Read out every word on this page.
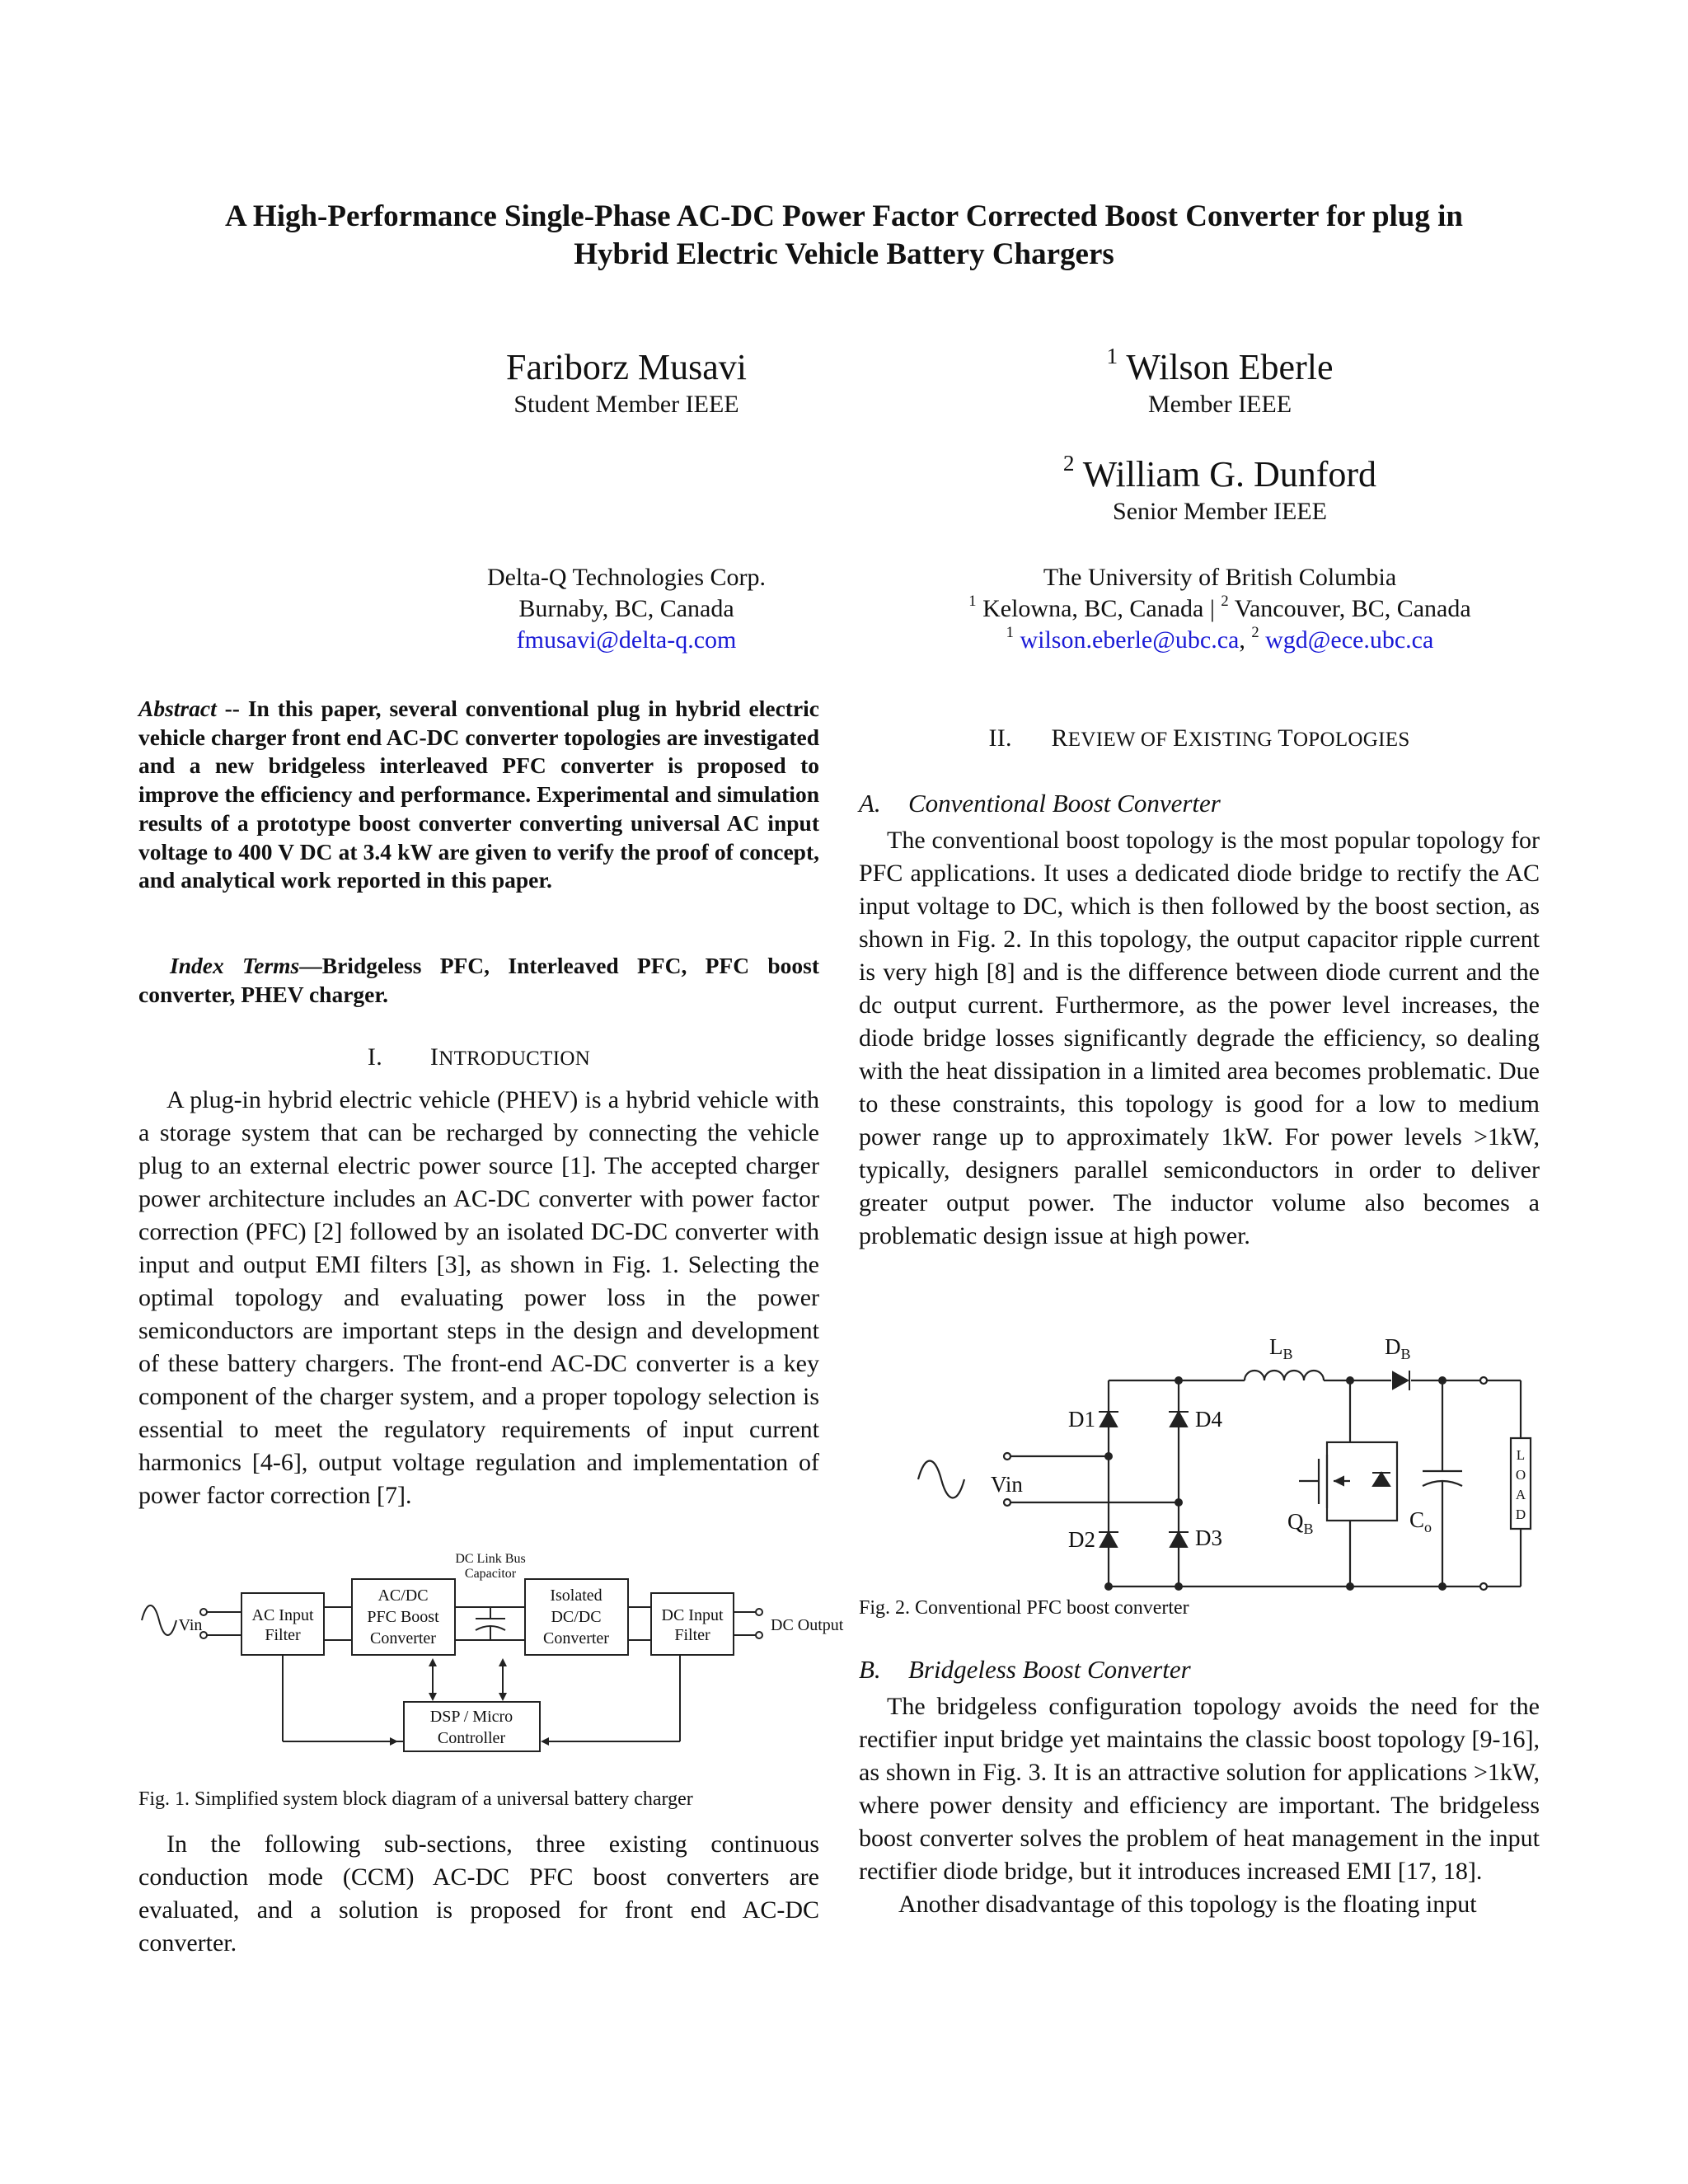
A High-Performance Single-Phase AC-DC Power Factor Corrected Boost Converter for plug in
Hybrid Electric Vehicle Battery Chargers
Fariborz Musavi
Student Member IEEE
$^1$ Wilson Eberle
Member IEEE
$^2$ William G. Dunford
Senior Member IEEE
Delta-Q Technologies Corp.
Burnaby, BC, Canada
fmusavi@delta-q.com
The University of British Columbia
$^1$ Kelowna, BC, Canada | $^2$ Vancouver, BC, Canada
$^1$ wilson.eberle@ubc.ca, $^2$ wgd@ece.ubc.ca
Abstract -- In this paper, several conventional plug in hybrid electric vehicle charger front end AC-DC converter topologies are investigated and a new bridgeless interleaved PFC converter is proposed to improve the efficiency and performance. Experimental and simulation results of a prototype boost converter converting universal AC input voltage to 400 V DC at 3.4 kW are given to verify the proof of concept, and analytical work reported in this paper.
Index Terms—Bridgeless PFC, Interleaved PFC, PFC boost converter, PHEV charger.
I. INTRODUCTION

A plug-in hybrid electric vehicle (PHEV) is a hybrid vehicle with a storage system that can be recharged by connecting the vehicle plug to an external electric power source [1]. The accepted charger power architecture includes an AC-DC converter with power factor correction (PFC) [2] followed by an isolated DC-DC converter with input and output EMI filters [3], as shown in Fig. 1. Selecting the optimal topology and evaluating power loss in the power semiconductors are important steps in the design and development of these battery chargers. The front-end AC-DC converter is a key component of the charger system, and a proper topology selection is essential to meet the regulatory requirements of input current harmonics [4-6], output voltage regulation and implementation of power factor correction [7].

Vin
DC Link Bus
Capacitor
AC Input
Filter
AC/DC
PFC Boost
Converter
Isolated
DC/DC
Converter
DC Input
Filter
DC Output
DSP / Micro
Controller
Fig. 1. Simplified system block diagram of a universal battery charger

In the following sub-sections, three existing continuous conduction mode (CCM) AC-DC PFC boost converters are evaluated, and a solution is proposed for front end AC-DC converter.

II. REVIEW OF EXISTING TOPOLOGIES
A. Conventional Boost Converter

The conventional boost topology is the most popular topology for PFC applications. It uses a dedicated diode bridge to rectify the AC input voltage to DC, which is then followed by the boost section, as shown in Fig. 2. In this topology, the output capacitor ripple current is very high [8] and is the difference between diode current and the dc output current. Furthermore, as the power level increases, the diode bridge losses significantly degrade the efficiency, so dealing with the heat dissipation in a limited area becomes problematic. Due to these constraints, this topology is good for a low to medium power range up to approximately 1kW. For power levels >1kW, typically, designers parallel semiconductors in order to deliver greater output power. The inductor volume also becomes a problematic design issue at high power.

$L_B$	$D_B$
D1	D4
D2	D3
Vin
$Q_B$	$C_o$
L
O
A
D
Fig. 2. Conventional PFC boost converter
B. Bridgeless Boost Converter

The bridgeless configuration topology avoids the need for the rectifier input bridge yet maintains the classic boost topology [9-16], as shown in Fig. 3. It is an attractive solution for applications >1kW, where power density and efficiency are important. The bridgeless boost converter solves the problem of heat management in the input rectifier diode bridge, but it introduces increased EMI [17, 18].

Another disadvantage of this topology is the floating input
